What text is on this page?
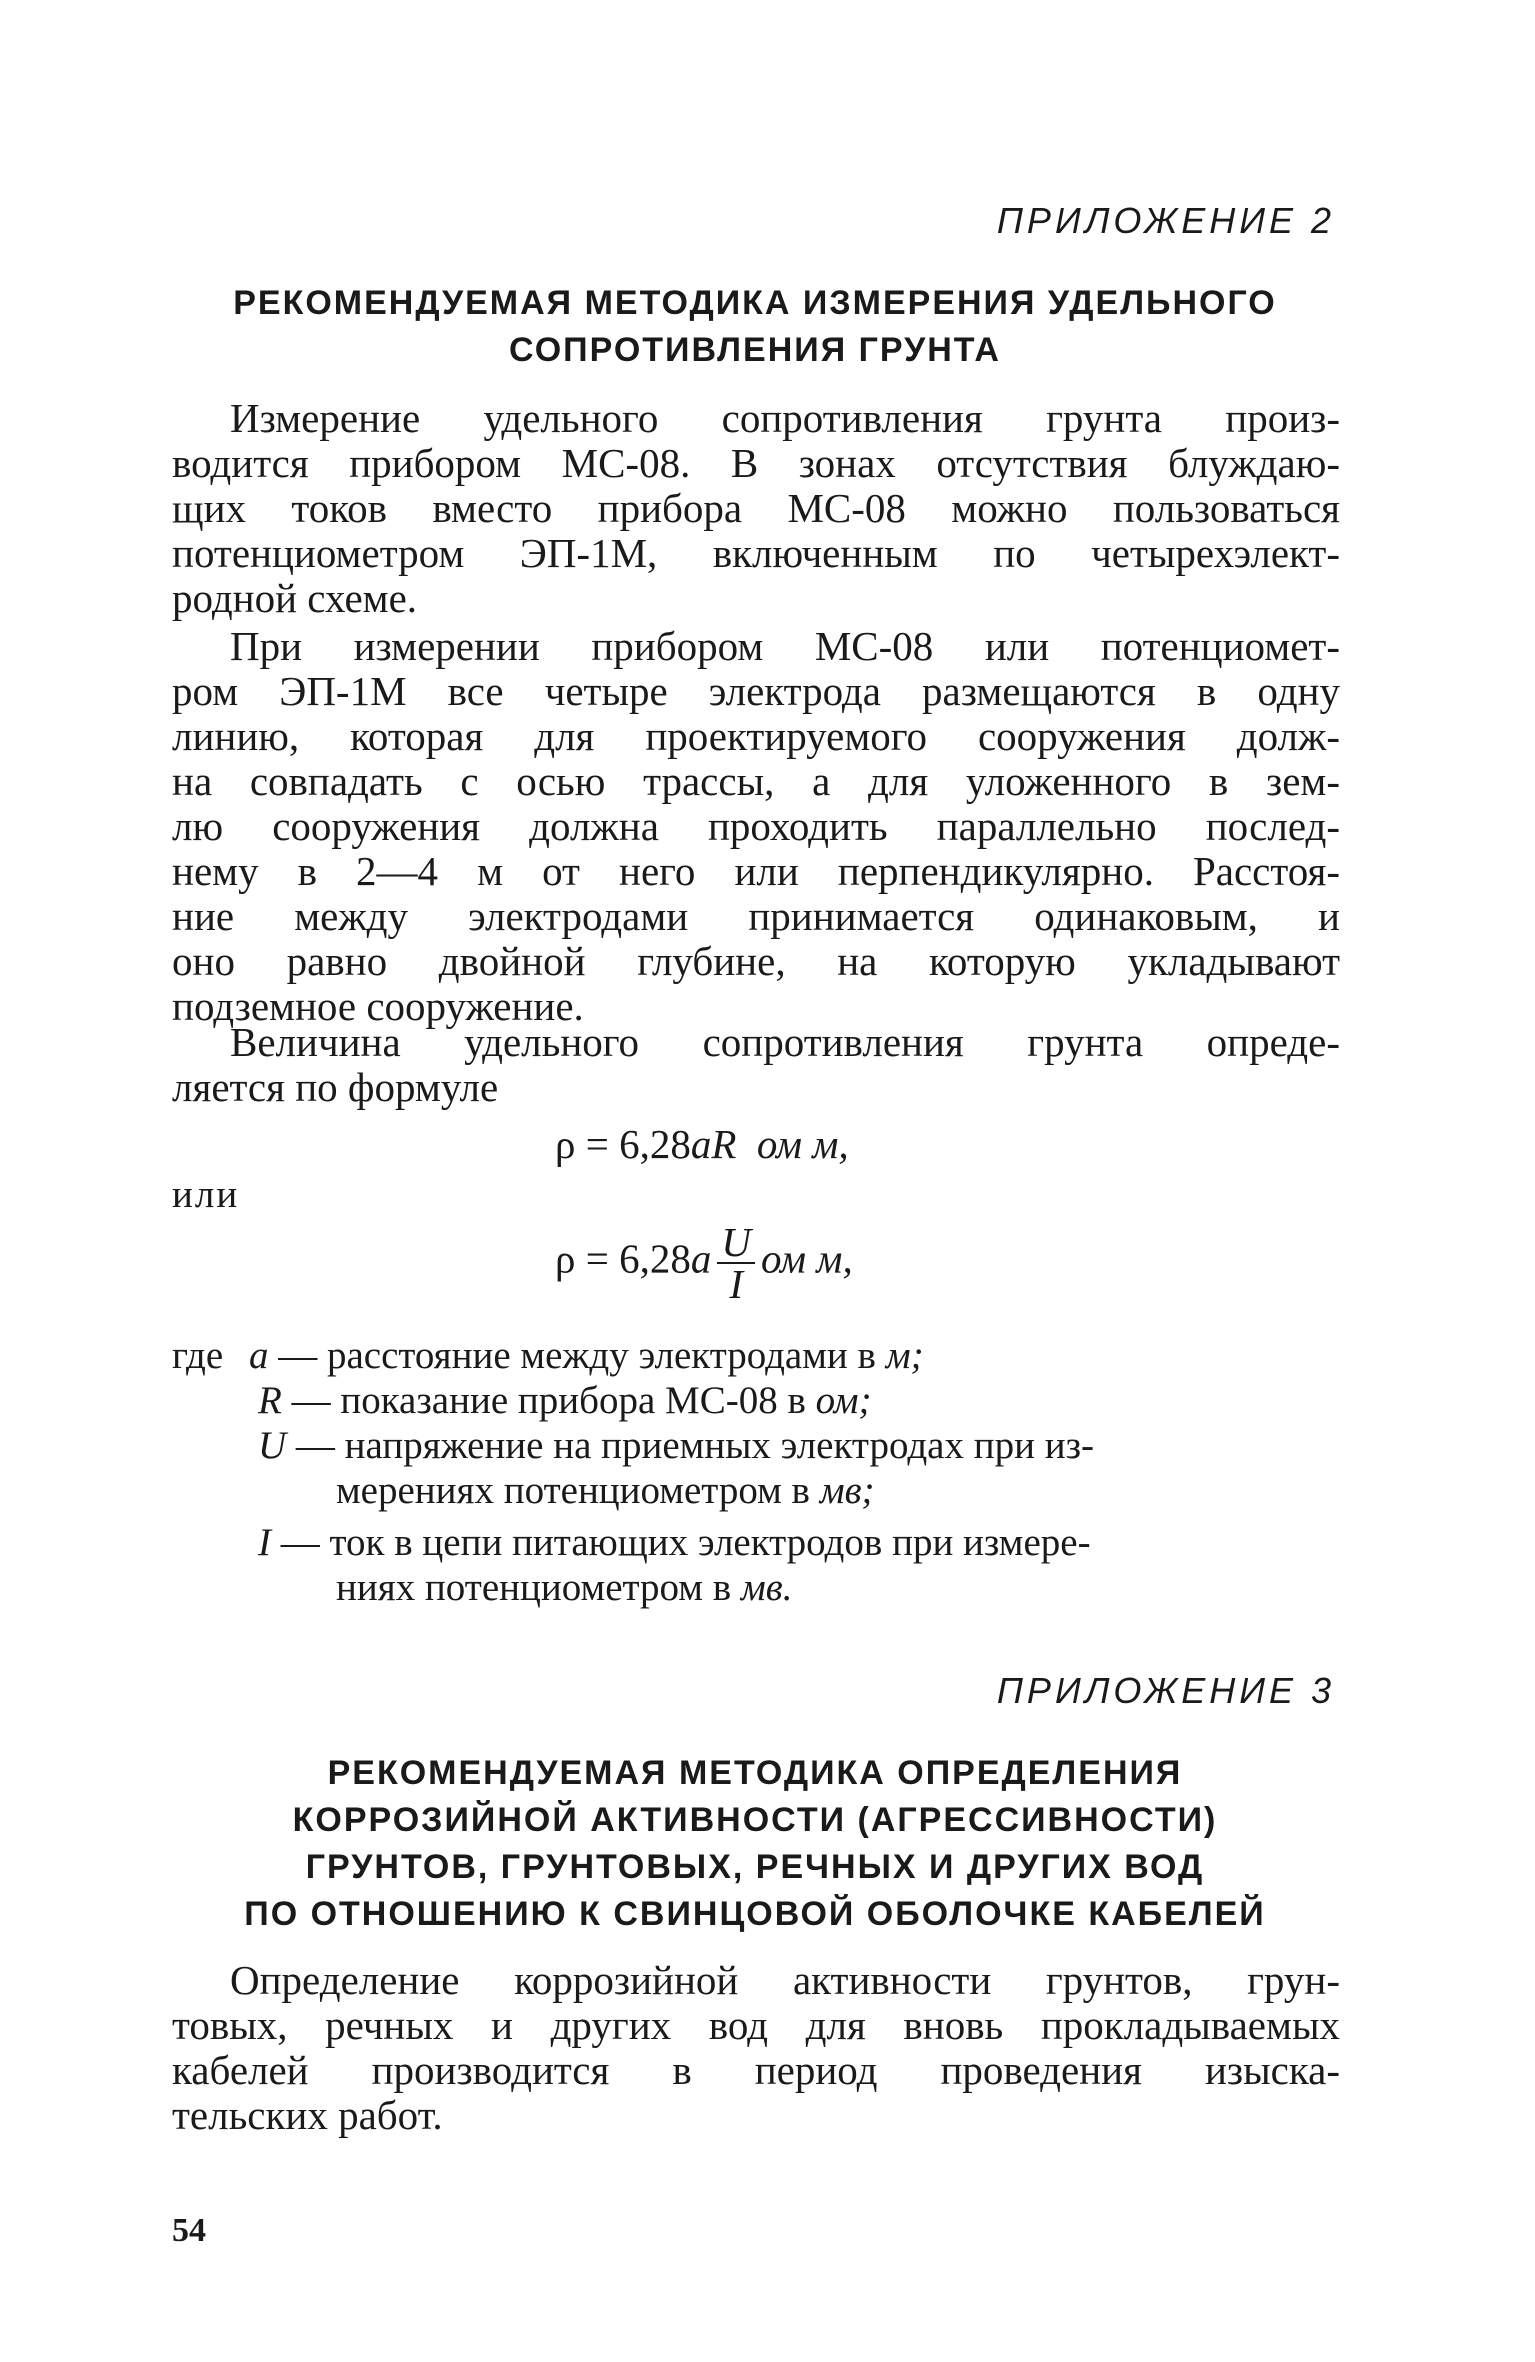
ПРИЛОЖЕНИЕ 2
РЕКОМЕНДУЕМАЯ МЕТОДИКА ИЗМЕРЕНИЯ УДЕЛЬНОГО
СОПРОТИВЛЕНИЯ ГРУНТА
Измерение удельного сопротивления грунта произ-
водится прибором МС-08. В зонах отсутствия блуждаю-
щих токов вместо прибора МС-08 можно пользоваться
потенциометром ЭП-1М, включенным по четырехэлект-
родной схеме.
При измерении прибором МС-08 или потенциомет-
ром ЭП-1М все четыре электрода размещаются в одну
линию, которая для проектируемого сооружения долж-
на совпадать с осью трассы, а для уложенного в зем-
лю сооружения должна проходить параллельно послед-
нему в 2—4 м от него или перпендикулярно. Расстоя-
ние между электродами принимается одинаковым, и
оно равно двойной глубине, на которую укладывают
подземное сооружение.
Величина удельного сопротивления грунта опреде-
ляется по формуле
ρ = 6,28aR ом м,
или
$\rho = 6,28a \frac{U}{I}$ ом м,
где a — расстояние между электродами в м;
R — показание прибора МС-08 в ом;
U — напряжение на приемных электродах при из-
мерениях потенциометром в мв;
I — ток в цепи питающих электродов при измере-
ниях потенциометром в мв.
ПРИЛОЖЕНИЕ 3
РЕКОМЕНДУЕМАЯ МЕТОДИКА ОПРЕДЕЛЕНИЯ
КОРРОЗИЙНОЙ АКТИВНОСТИ (АГРЕССИВНОСТИ)
ГРУНТОВ, ГРУНТОВЫХ, РЕЧНЫХ И ДРУГИХ ВОД
ПО ОТНОШЕНИЮ К СВИНЦОВОЙ ОБОЛОЧКЕ КАБЕЛЕЙ
Определение коррозийной активности грунтов, грун-
товых, речных и других вод для вновь прокладываемых
кабелей производится в период проведения изыска-
тельских работ.
54
